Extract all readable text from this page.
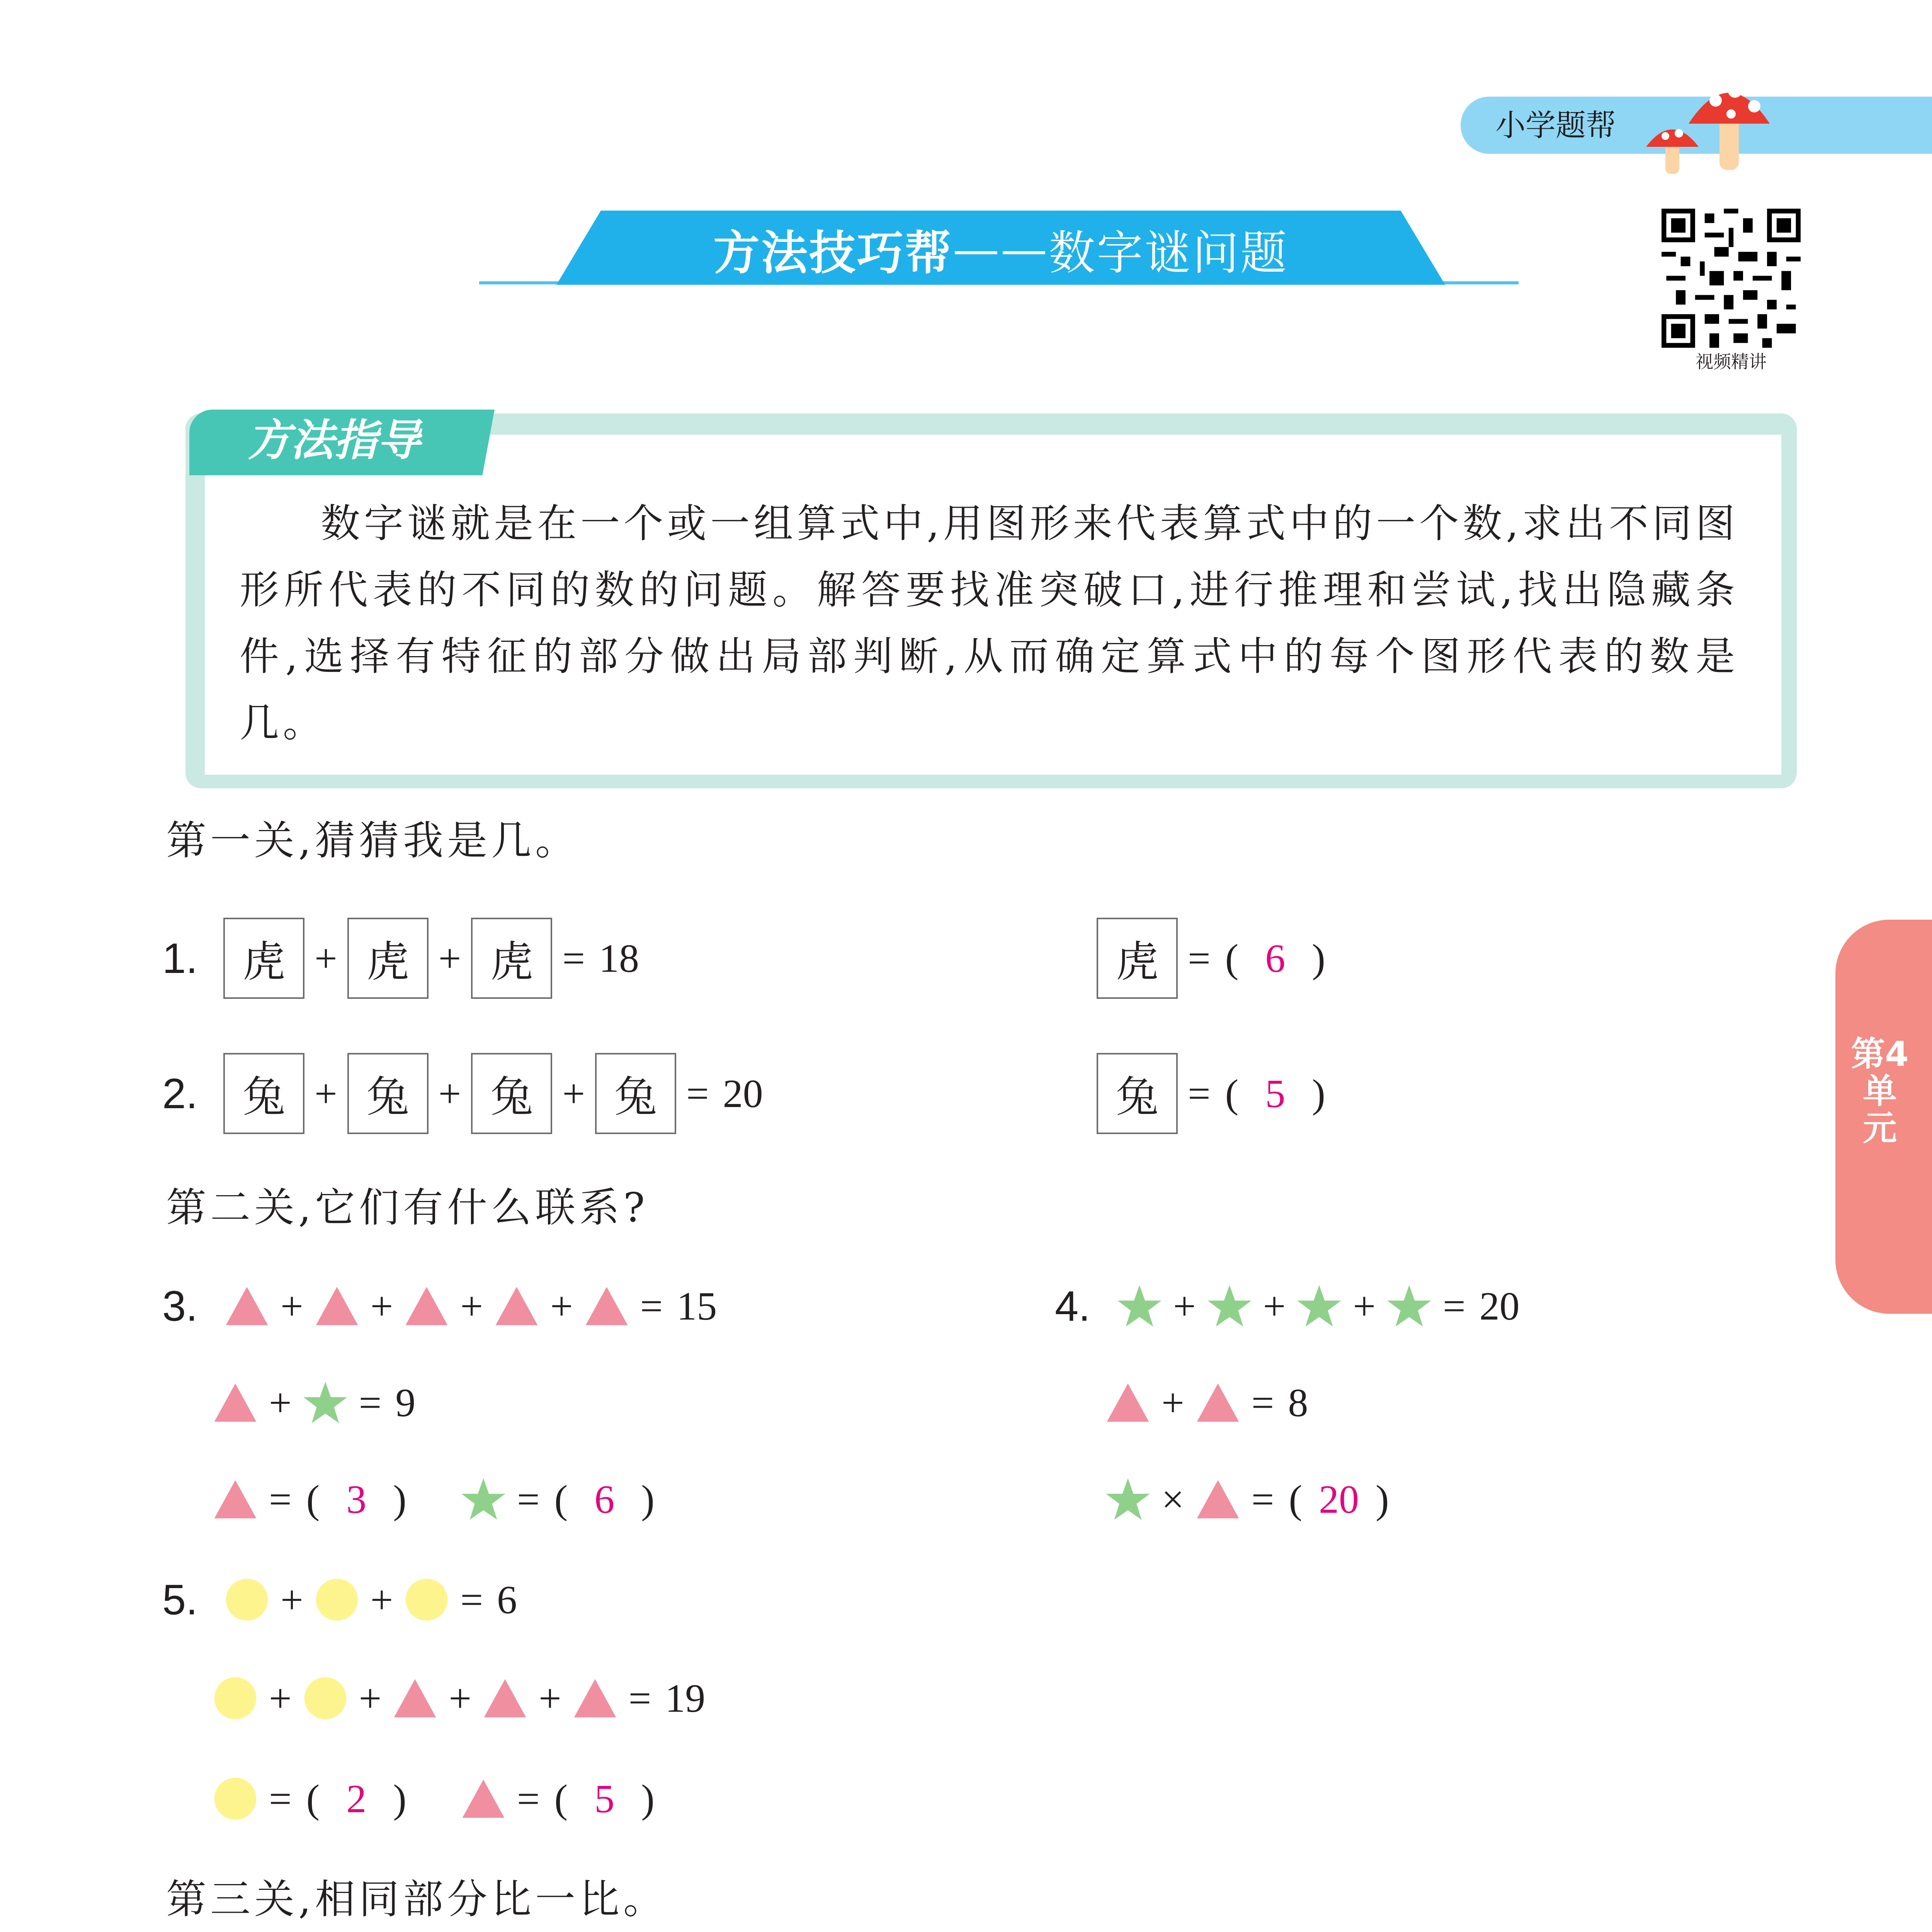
小学题帮
方法技巧帮 —— 数字谜问题
视频精讲
方法指导
数字谜就是在一个或一组算式中,用图形来代表算式中的一个数,求出不同图形所代表的不同的数的问题。解答要找准突破口,进行推理和尝试,找出隐藏条件,选择有特征的部分做出局部判断,从而确定算式中的每个图形代表的数是几。
第一关,猜猜我是几。
1.	虎 + 虎 + 虎 = 18	虎 = ( 6 )
2.	兔 + 兔 + 兔 + 兔 = 20	兔 = ( 5 )
第二关,它们有什么联系?
3.	+ + + + = 15
+ = 9
= ( 3 )	= ( 6 )
4.	+ + + = 20
+ = 8
× = ( 20 )
5.	+ + = 6
+ + + + = 19
= ( 2 )	= ( 5 )
第三关,相同部分比一比。
第4单元
